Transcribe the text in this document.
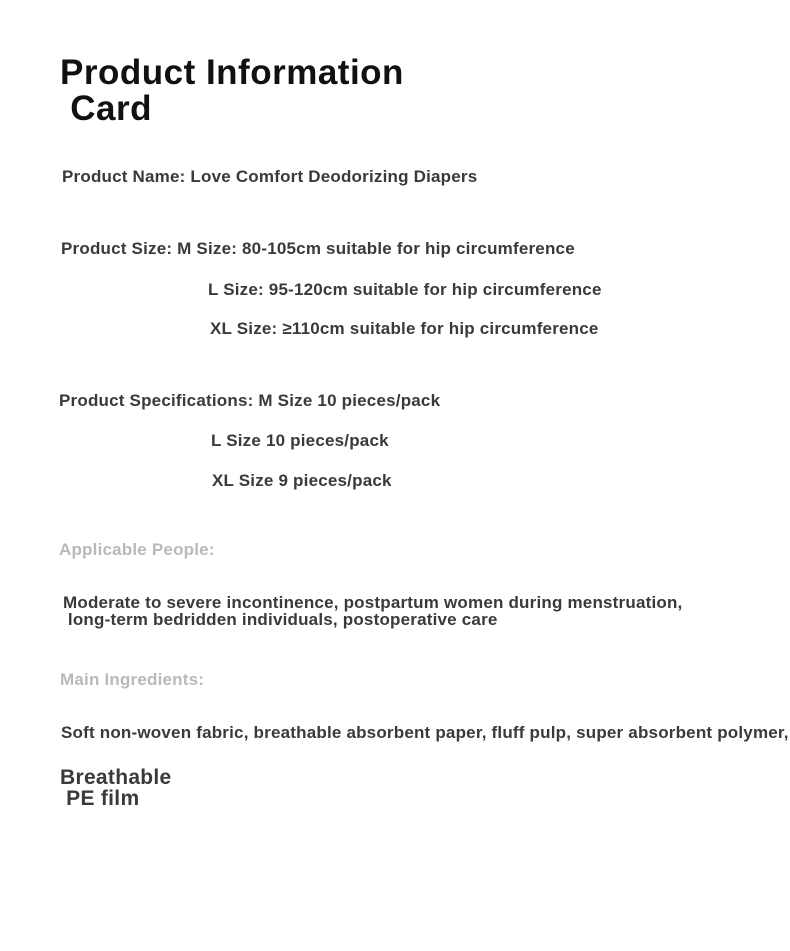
Product Information
Card
Product Name: Love Comfort Deodorizing Diapers
Product Size: M Size: 80-105cm suitable for hip circumference
L Size: 95-120cm suitable for hip circumference
XL Size: ≥110cm suitable for hip circumference
Product Specifications: M Size 10 pieces/pack
L Size 10 pieces/pack
XL Size 9 pieces/pack
Applicable People:
Moderate to severe incontinence, postpartum women during menstruation,
long-term bedridden individuals, postoperative care
Main Ingredients:
Soft non-woven fabric, breathable absorbent paper, fluff pulp, super absorbent polymer,
Breathable
PE film
